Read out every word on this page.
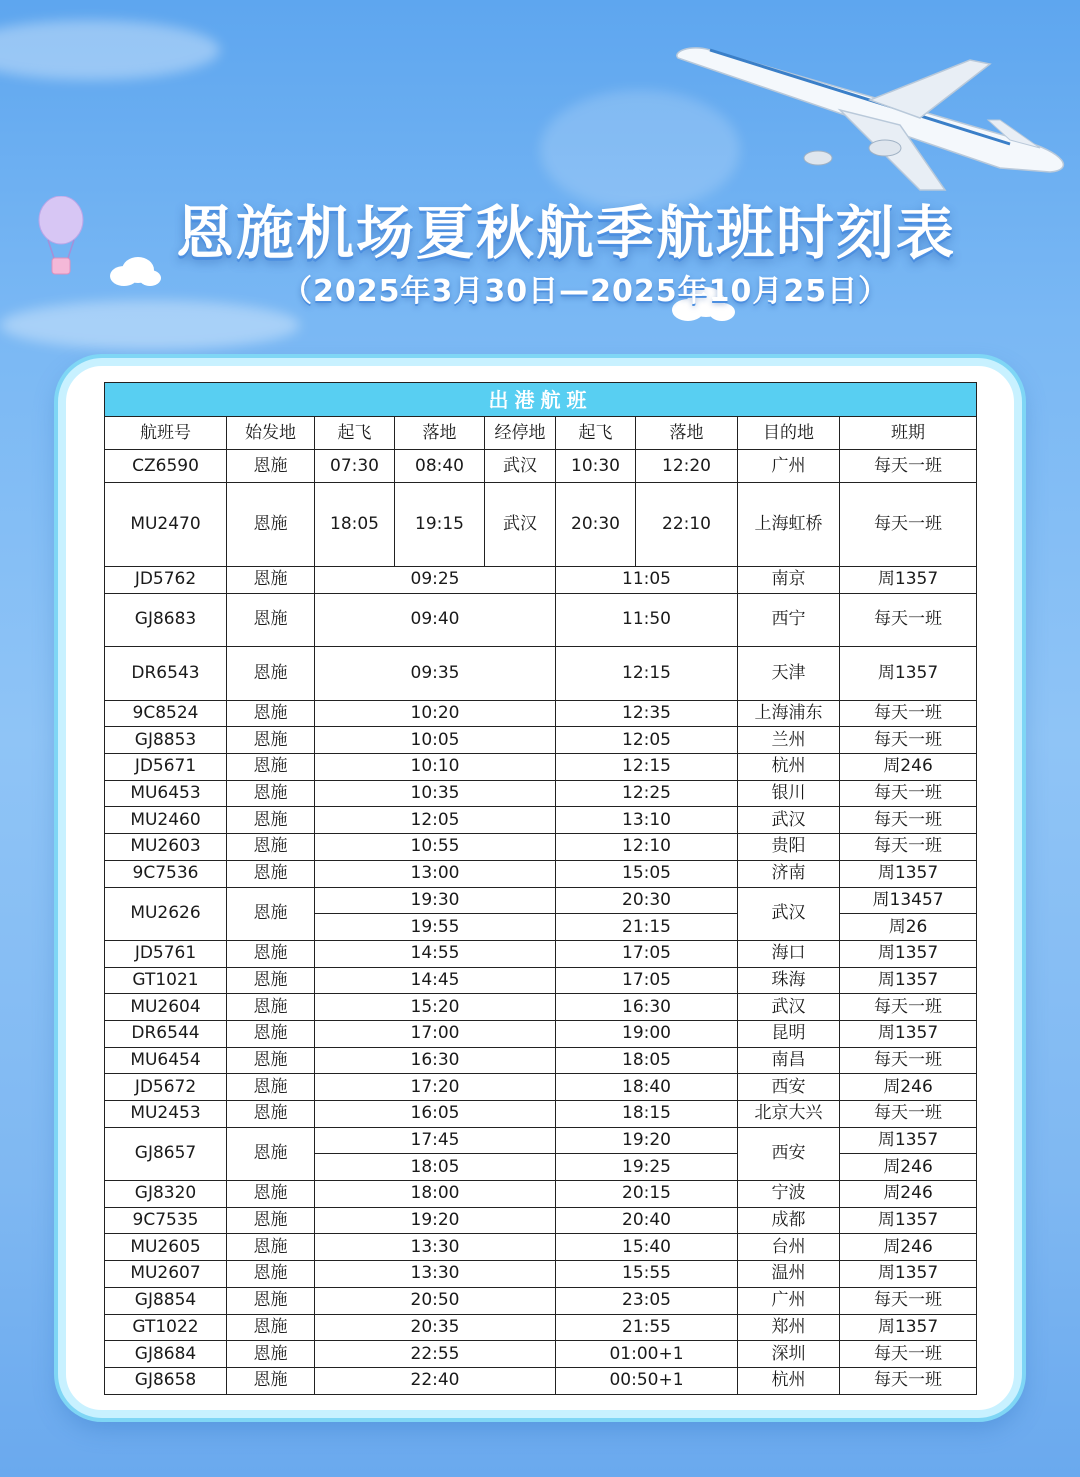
恩施机场夏秋航季航班时刻表
（2025年3月30日—2025年10月25日）
出港航班								
航班号	始发地	起飞	落地	经停地	起飞	落地	目的地	班期
CZ6590	恩施	07:30	08:40	武汉	10:30	12:20	广州	每天一班
MU2470	恩施	18:05	19:15	武汉	20:30	22:10	上海虹桥	每天一班
JD5762	恩施	09:25			11:05		南京	周1357
GJ8683	恩施	09:40			11:50		西宁	每天一班
DR6543	恩施	09:35			12:15		天津	周1357
9C8524	恩施	10:20			12:35		上海浦东	每天一班
GJ8853	恩施	10:05			12:05		兰州	每天一班
JD5671	恩施	10:10			12:15		杭州	周246
MU6453	恩施	10:35			12:25		银川	每天一班
MU2460	恩施	12:05			13:10		武汉	每天一班
MU2603	恩施	10:55			12:10		贵阳	每天一班
9C7536	恩施	13:00			15:05		济南	周1357
MU2626	恩施	19:30			20:30		武汉	周13457
		19:55			21:15			周26
JD5761	恩施	14:55			17:05		海口	周1357
GT1021	恩施	14:45			17:05		珠海	周1357
MU2604	恩施	15:20			16:30		武汉	每天一班
DR6544	恩施	17:00			19:00		昆明	周1357
MU6454	恩施	16:30			18:05		南昌	每天一班
JD5672	恩施	17:20			18:40		西安	周246
MU2453	恩施	16:05			18:15		北京大兴	每天一班
GJ8657	恩施	17:45			19:20		西安	周1357
		18:05			19:25			周246
GJ8320	恩施	18:00			20:15		宁波	周246
9C7535	恩施	19:20			20:40		成都	周1357
MU2605	恩施	13:30			15:40		台州	周246
MU2607	恩施	13:30			15:55		温州	周1357
GJ8854	恩施	20:50			23:05		广州	每天一班
GT1022	恩施	20:35			21:55		郑州	周1357
GJ8684	恩施	22:55			01:00+1		深圳	每天一班
GJ8658	恩施	22:40			00:50+1		杭州	每天一班
